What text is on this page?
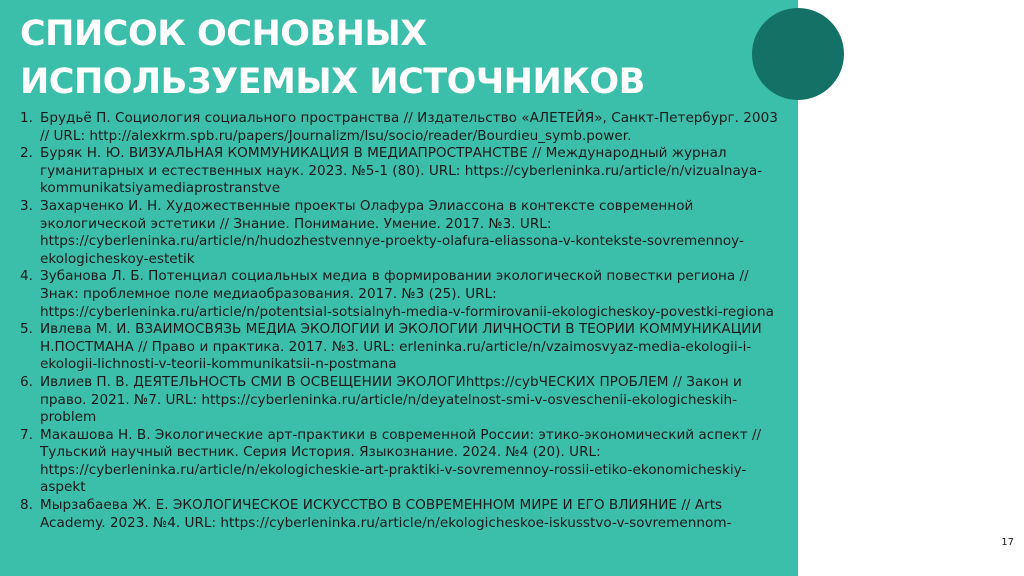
СПИСОК ОСНОВНЫХ
ИСПОЛЬЗУЕМЫХ ИСТОЧНИКОВ
1. Брудьё П. Социология социального пространства // Издательство «АЛЕТЕЙЯ», Санкт-Петербург. 2003 // URL: http://alexkrm.spb.ru/papers/Journalizm/lsu/socio/reader/Bourdieu_symb.power.
2. Буряк Н. Ю. ВИЗУАЛЬНАЯ КОММУНИКАЦИЯ В МЕДИАПРОСТРАНСТВЕ // Международный журнал гуманитарных и естественных наук. 2023. №5-1 (80). URL: https://cyberleninka.ru/article/n/vizualnaya-kommunikatsiyamediaprostranstve
3. Захарченко И. Н. Художественные проекты Олафура Элиассона в контексте современной экологической эстетики // Знание. Понимание. Умение. 2017. №3. URL: https://cyberleninka.ru/article/n/hudozhestvennye-proekty-olafura-eliassona-v-kontekste-sovremennoy-ekologicheskoy-estetik
4. Зубанова Л. Б. Потенциал социальных медиа в формировании экологической повестки региона // Знак: проблемное поле медиаобразования. 2017. №3 (25). URL: https://cyberleninka.ru/article/n/potentsial-sotsialnyh-media-v-formirovanii-ekologicheskoy-povestki-regiona
5. Ивлева М. И. ВЗАИМОСВЯЗЬ МЕДИА ЭКОЛОГИИ И ЭКОЛОГИИ ЛИЧНОСТИ В ТЕОРИИ КОММУНИКАЦИИ Н.ПОСТМАНА // Право и практика. 2017. №3. URL: erleninka.ru/article/n/vzaimosvyaz-media-ekologii-i-ekologii-lichnosti-v-teorii-kommunikatsii-n-postmana
6. Ивлиев П. В. ДЕЯТЕЛЬНОСТЬ СМИ В ОСВЕЩЕНИИ ЭКОЛОГИhttps://cybЧЕСКИХ ПРОБЛЕМ // Закон и право. 2021. №7. URL: https://cyberleninka.ru/article/n/deyatelnost-smi-v-osveschenii-ekologicheskih-problem
7. Макашова Н. В. Экологические арт-практики в современной России: этико-экономический аспект // Тульский научный вестник. Серия История. Языкознание. 2024. №4 (20). URL: https://cyberleninka.ru/article/n/ekologicheskie-art-praktiki-v-sovremennoy-rossii-etiko-ekonomicheskiy-aspekt
8. Мырзабаева Ж. Е. ЭКОЛОГИЧЕСКОЕ ИСКУССТВО В СОВРЕМЕННОМ МИРЕ И ЕГО ВЛИЯНИЕ // Arts Academy. 2023. №4. URL: https://cyberleninka.ru/article/n/ekologicheskoe-iskusstvo-v-sovremennom-
17
